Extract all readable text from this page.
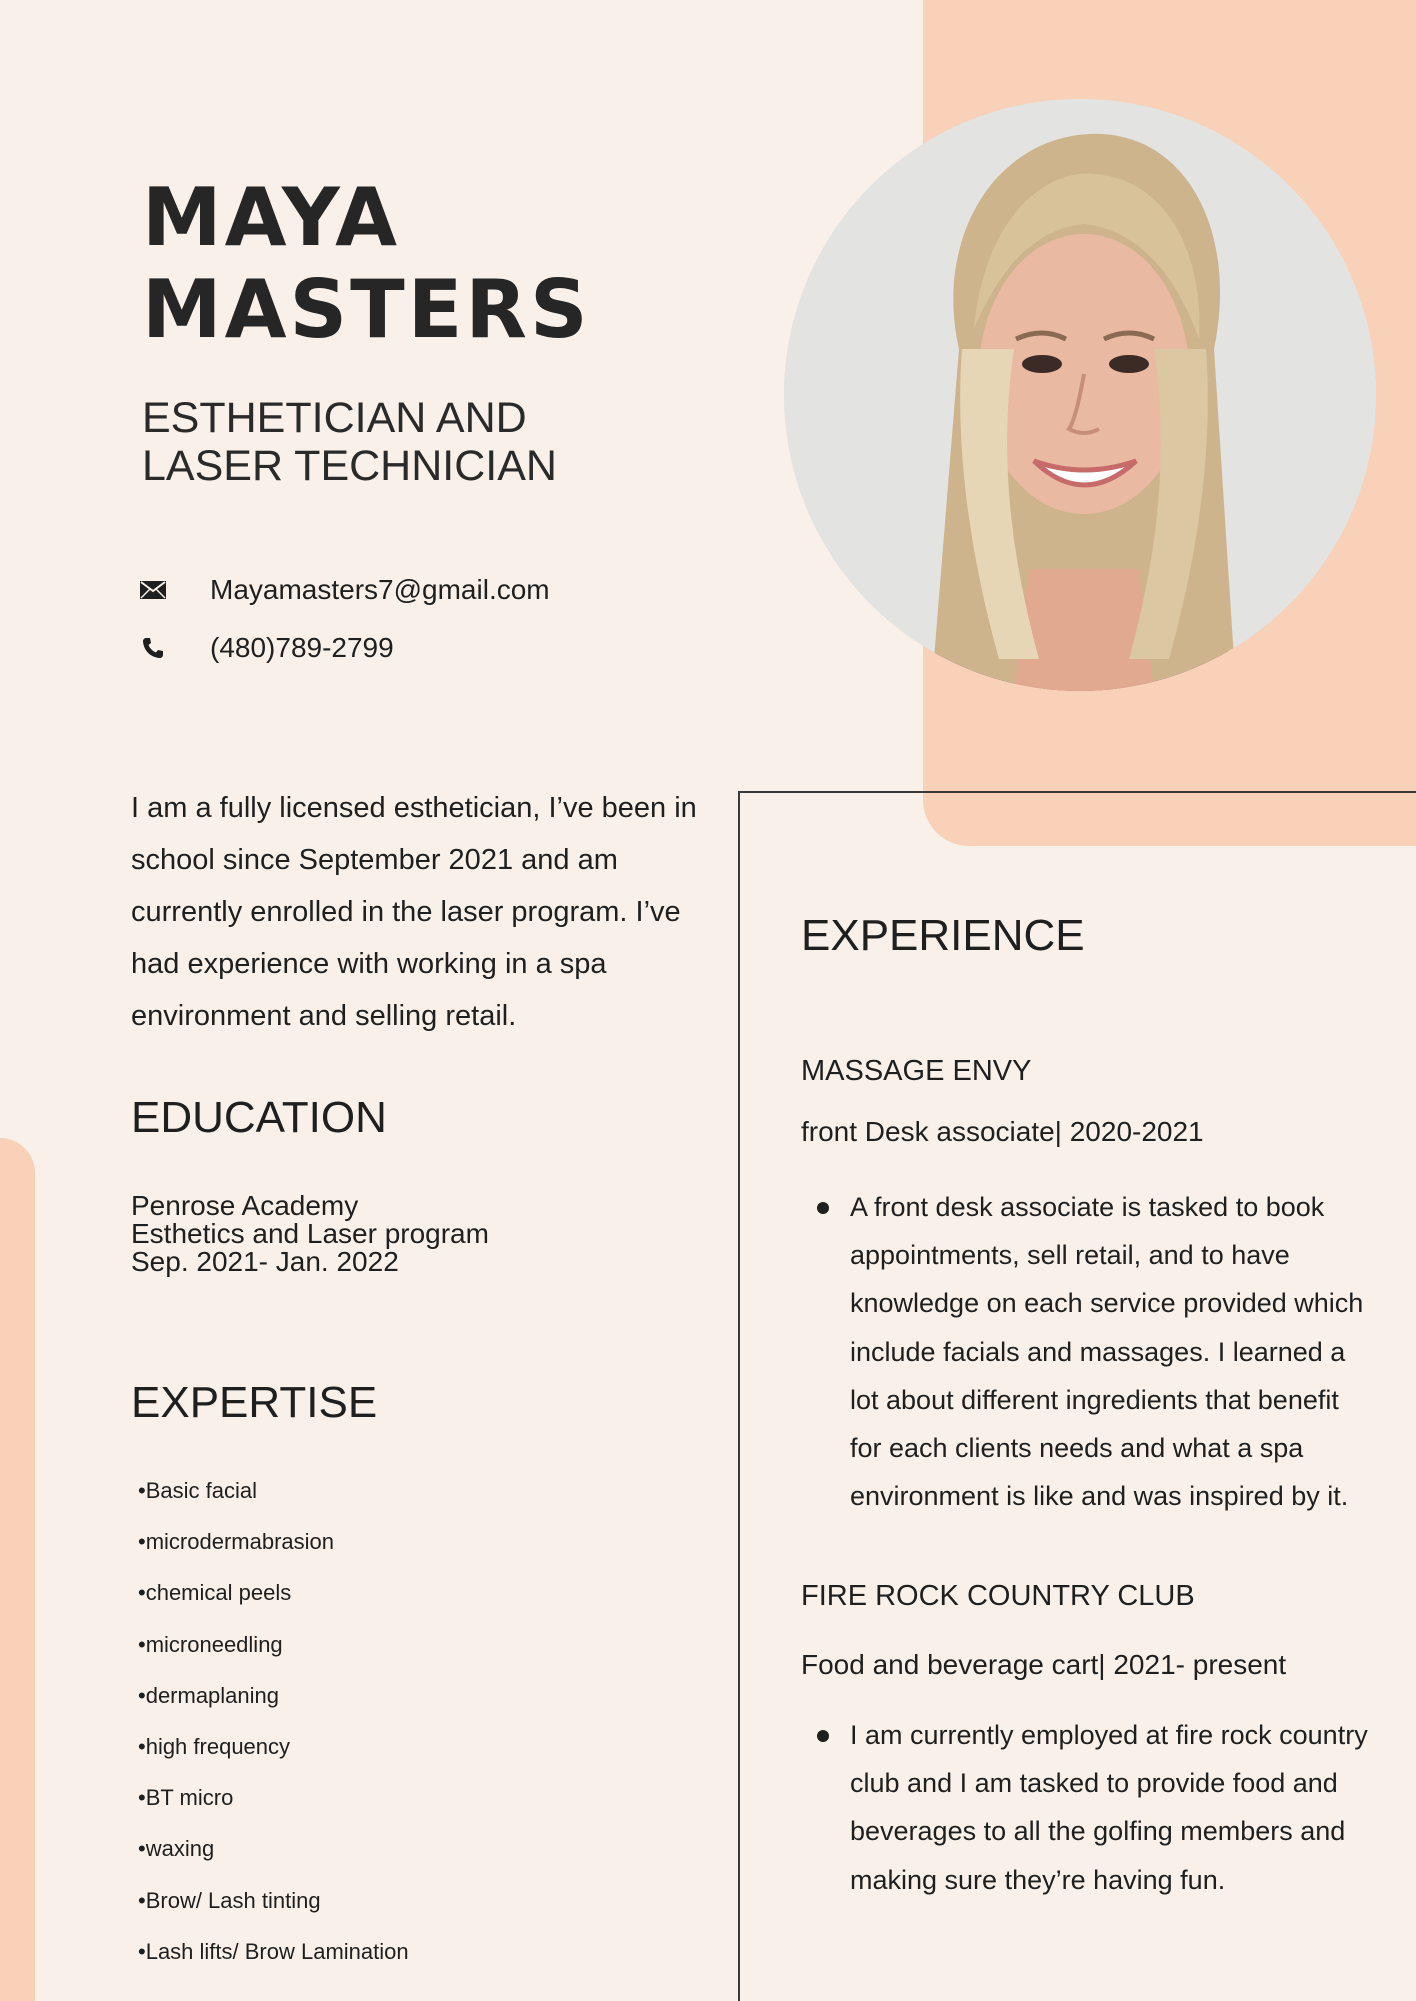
MAYA
MASTERS
ESTHETICIAN AND
LASER TECHNICIAN
Mayamasters7@gmail.com
(480)789-2799

I am a fully licensed esthetician, I’ve been in school since September 2021 and am currently enrolled in the laser program. I’ve had experience with working in a spa environment and selling retail.

EDUCATION
Penrose Academy
Esthetics and Laser program
Sep. 2021- Jan. 2022
EXPERTISE
• Basic facial
• microdermabrasion
• chemical peels
• microneedling
• dermaplaning
• high frequency
• BT micro
• waxing
• Brow/ Lash tinting
• Lash lifts/ Brow Lamination
EXPERIENCE
MASSAGE ENVY

front Desk associate| 2020-2021

A front desk associate is tasked to book appointments, sell retail, and to have knowledge on each service provided which include facials and massages. I learned a lot about different ingredients that benefit for each clients needs and what a spa environment is like and was inspired by it.
FIRE ROCK COUNTRY CLUB

Food and beverage cart| 2021- present

I am currently employed at fire rock country club and I am tasked to provide food and beverages to all the golfing members and making sure they’re having fun.
